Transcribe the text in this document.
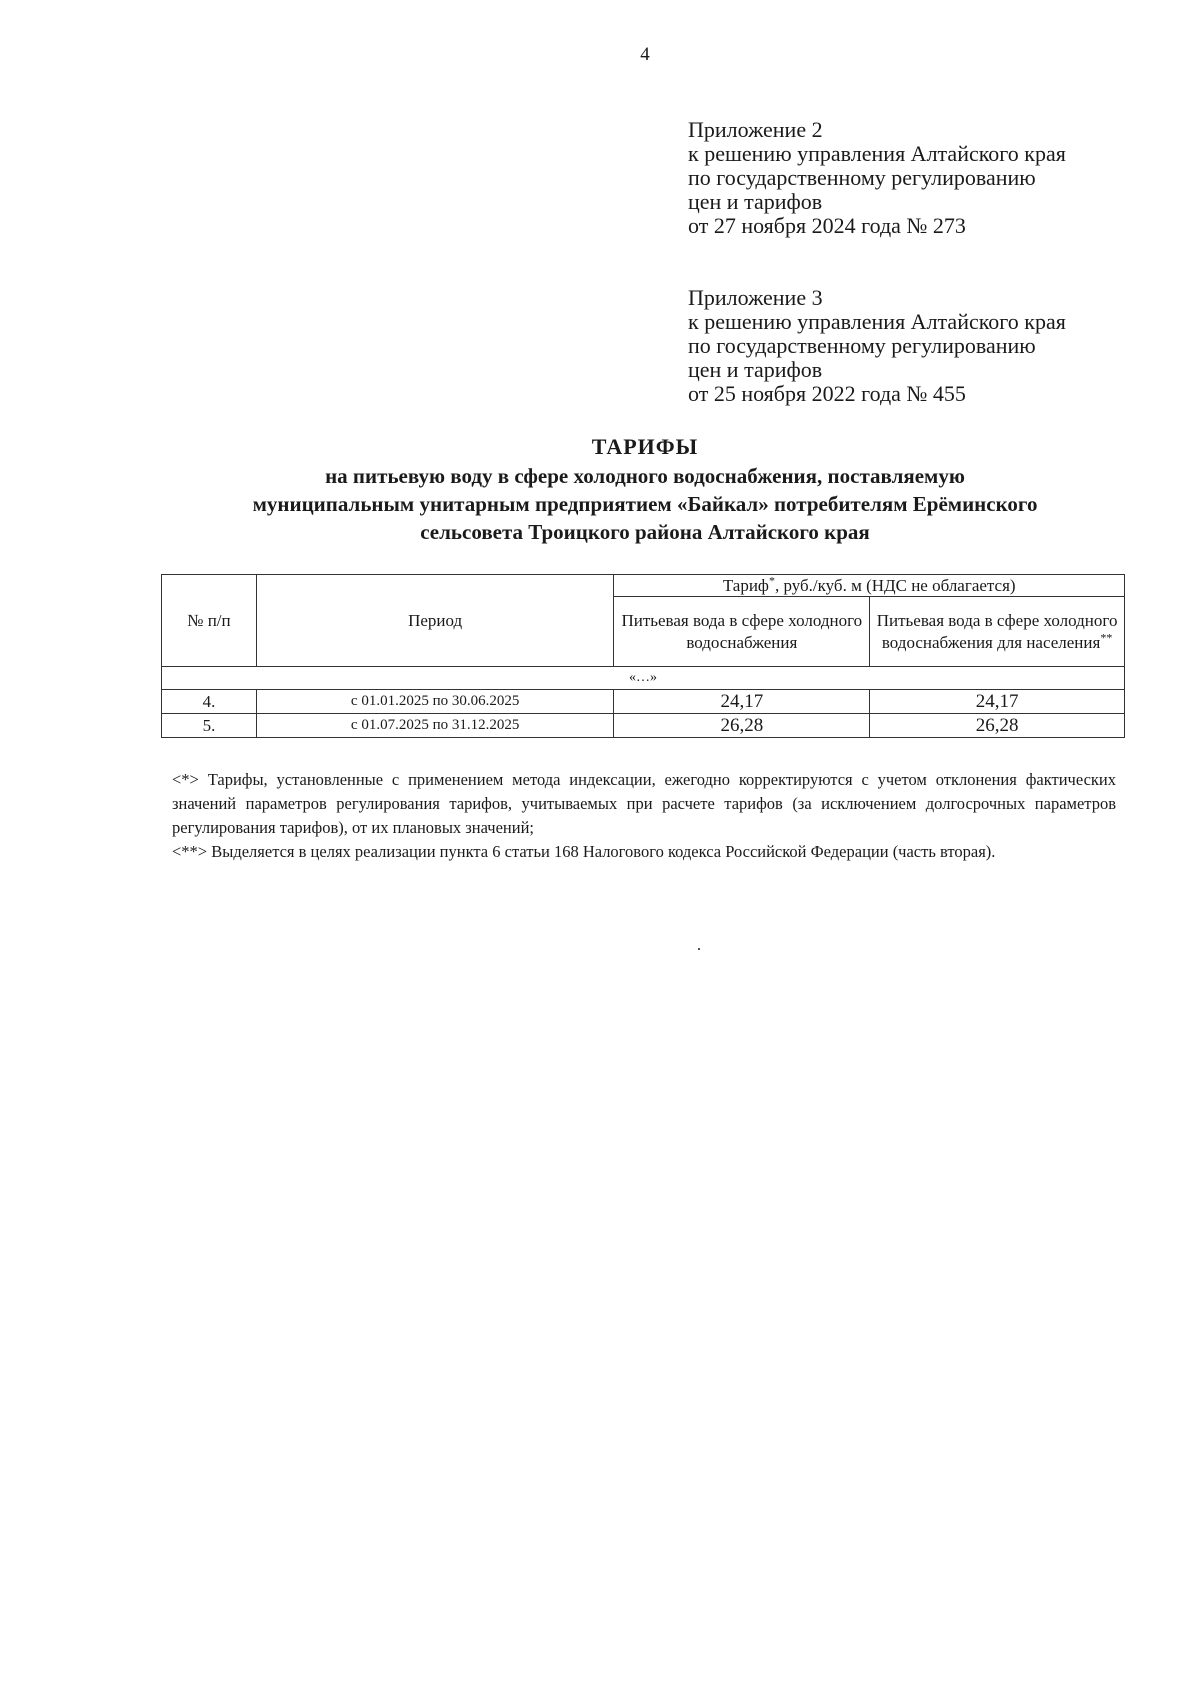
4
Приложение 2
к решению управления Алтайского края
по государственному регулированию
цен и тарифов
от 27 ноября 2024 года № 273
Приложение 3
к решению управления Алтайского края
по государственному регулированию
цен и тарифов
от 25 ноября 2022 года № 455
ТАРИФЫ
на питьевую воду в сфере холодного водоснабжения, поставляемую
муниципальным унитарным предприятием «Байкал» потребителям Ерёминского
сельсовета Троицкого района Алтайского края
№ п/п	Период	Тариф*, руб./куб. м (НДС не облагается)	
		Питьевая вода в сфере холодного водоснабжения	Питьевая вода в сфере холодного водоснабжения для населения**
«…»			
4.	с 01.01.2025 по 30.06.2025	24,17	24,17
5.	с 01.07.2025 по 31.12.2025	26,28	26,28

<*> Тарифы, установленные с применением метода индексации, ежегодно корректируются с учетом отклонения фактических значений параметров регулирования тарифов, учитываемых при расчете тарифов (за исключением долгосрочных параметров регулирования тарифов), от их плановых значений;

<**> Выделяется в целях реализации пункта 6 статьи 168 Налогового кодекса Российской Федерации (часть вторая).
